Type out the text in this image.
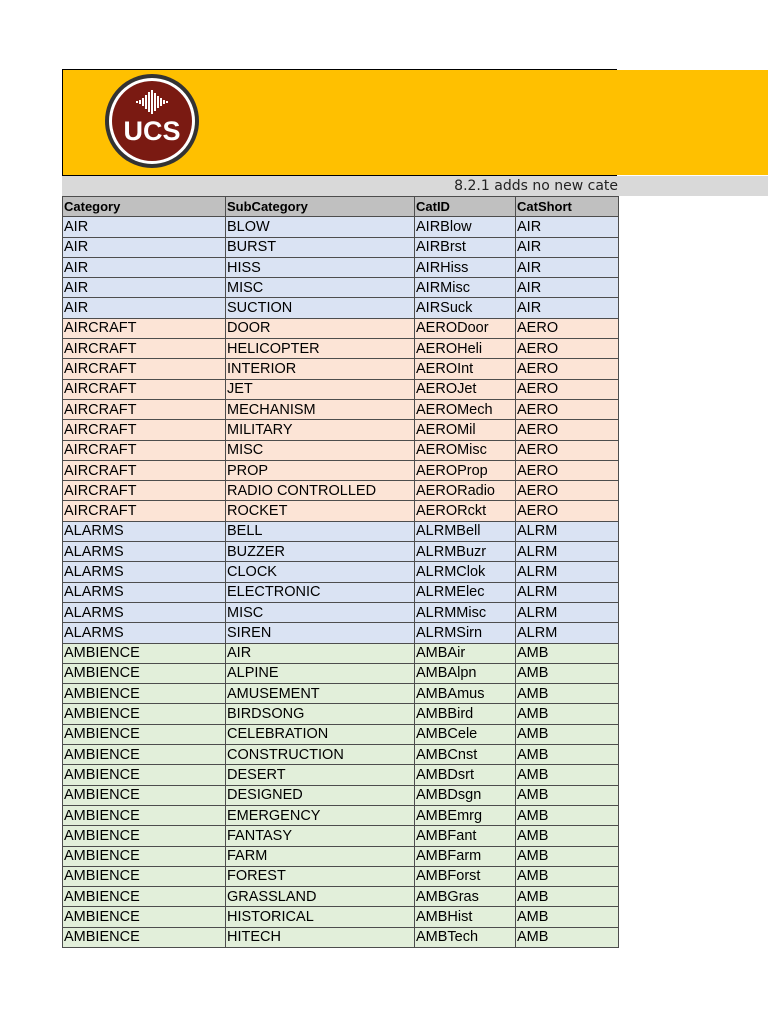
UCS
8.2.1 adds no new cate
Category	SubCategory	CatID	CatShort
AIR	BLOW	AIRBlow	AIR
AIR	BURST	AIRBrst	AIR
AIR	HISS	AIRHiss	AIR
AIR	MISC	AIRMisc	AIR
AIR	SUCTION	AIRSuck	AIR
AIRCRAFT	DOOR	AERODoor	AERO
AIRCRAFT	HELICOPTER	AEROHeli	AERO
AIRCRAFT	INTERIOR	AEROInt	AERO
AIRCRAFT	JET	AEROJet	AERO
AIRCRAFT	MECHANISM	AEROMech	AERO
AIRCRAFT	MILITARY	AEROMil	AERO
AIRCRAFT	MISC	AEROMisc	AERO
AIRCRAFT	PROP	AEROProp	AERO
AIRCRAFT	RADIO CONTROLLED	AERORadio	AERO
AIRCRAFT	ROCKET	AERORckt	AERO
ALARMS	BELL	ALRMBell	ALRM
ALARMS	BUZZER	ALRMBuzr	ALRM
ALARMS	CLOCK	ALRMClok	ALRM
ALARMS	ELECTRONIC	ALRMElec	ALRM
ALARMS	MISC	ALRMMisc	ALRM
ALARMS	SIREN	ALRMSirn	ALRM
AMBIENCE	AIR	AMBAir	AMB
AMBIENCE	ALPINE	AMBAlpn	AMB
AMBIENCE	AMUSEMENT	AMBAmus	AMB
AMBIENCE	BIRDSONG	AMBBird	AMB
AMBIENCE	CELEBRATION	AMBCele	AMB
AMBIENCE	CONSTRUCTION	AMBCnst	AMB
AMBIENCE	DESERT	AMBDsrt	AMB
AMBIENCE	DESIGNED	AMBDsgn	AMB
AMBIENCE	EMERGENCY	AMBEmrg	AMB
AMBIENCE	FANTASY	AMBFant	AMB
AMBIENCE	FARM	AMBFarm	AMB
AMBIENCE	FOREST	AMBForst	AMB
AMBIENCE	GRASSLAND	AMBGras	AMB
AMBIENCE	HISTORICAL	AMBHist	AMB
AMBIENCE	HITECH	AMBTech	AMB
